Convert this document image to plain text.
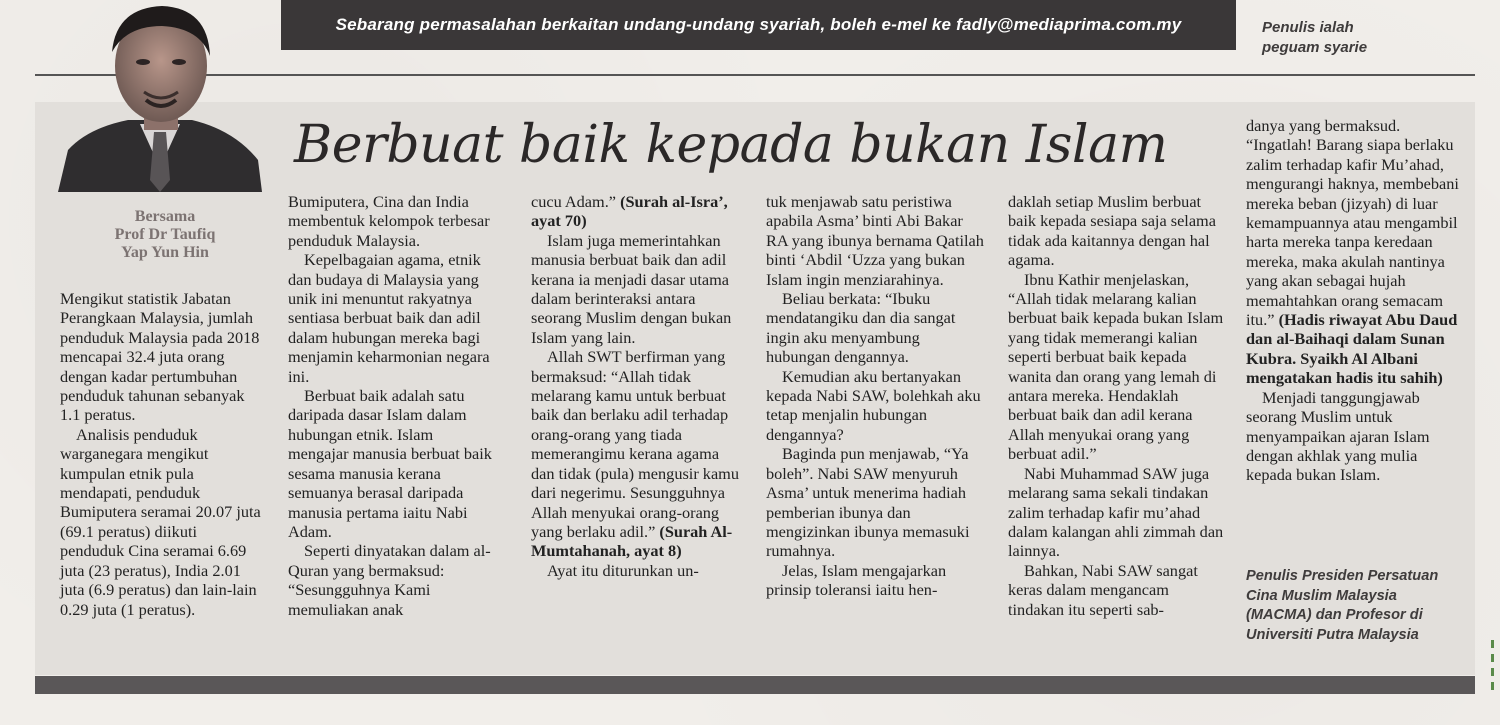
Sebarang permasalahan berkaitan undang-undang syariah, boleh e-mel ke fadly@mediaprima.com.my	Penulis ialah peguam syarie
Bersama
Prof Dr Taufiq
Yap Yun Hin
Berbuat baik kepada bukan Islam

Mengikut statistik Jabatan Perangkaan Malaysia, jumlah penduduk Malaysia pada 2018 mencapai 32.4 juta orang dengan kadar pertumbuhan penduduk tahunan sebanyak 1.1 peratus.

Analisis penduduk warganegara mengikut kumpulan etnik pula mendapati, penduduk Bumiputera seramai 20.07 juta (69.1 peratus) diikuti penduduk Cina seramai 6.69 juta (23 peratus), India 2.01 juta (6.9 peratus) dan lain-lain 0.29 juta (1 peratus).

Bumiputera, Cina dan India membentuk kelompok terbesar penduduk Malaysia.

Kepelbagaian agama, etnik dan budaya di Malaysia yang unik ini menuntut rakyatnya sentiasa berbuat baik dan adil dalam hubungan mereka bagi menjamin keharmonian negara ini.

Berbuat baik adalah satu daripada dasar Islam dalam hubungan etnik. Islam mengajar manusia berbuat baik sesama manusia kerana semuanya berasal daripada manusia pertama iaitu Nabi Adam.

Seperti dinyatakan dalam al-Quran yang bermaksud: “Sesungguhnya Kami memuliakan anak

cucu Adam.” (Surah al-Isra’, ayat 70)

Islam juga memerintahkan manusia berbuat baik dan adil kerana ia menjadi dasar utama dalam berinteraksi antara seorang Muslim dengan bukan Islam yang lain.

Allah SWT berfirman yang bermaksud: “Allah tidak melarang kamu untuk berbuat baik dan berlaku adil terhadap orang-orang yang tiada memerangimu kerana agama dan tidak (pula) mengusir kamu dari negerimu. Sesungguhnya Allah menyukai orang-orang yang berlaku adil.” (Surah Al-Mumtahanah, ayat 8)

Ayat itu diturunkan un-

tuk menjawab satu peristiwa apabila Asma’ binti Abi Bakar RA yang ibunya bernama Qatilah binti ‘Abdil ‘Uzza yang bukan Islam ingin menziarahinya.

Beliau berkata: “Ibuku mendatangiku dan dia sangat ingin aku menyambung hubungan dengannya.

Kemudian aku bertanyakan kepada Nabi SAW, bolehkah aku tetap menjalin hubungan dengannya?

Baginda pun menjawab, “Ya boleh”. Nabi SAW menyuruh Asma’ untuk menerima hadiah pemberian ibunya dan mengizinkan ibunya memasuki rumahnya.

Jelas, Islam mengajarkan prinsip toleransi iaitu hen-

daklah setiap Muslim berbuat baik kepada sesiapa saja selama tidak ada kaitannya dengan hal agama.

Ibnu Kathir menjelaskan, “Allah tidak melarang kalian berbuat baik kepada bukan Islam yang tidak memerangi kalian seperti berbuat baik kepada wanita dan orang yang lemah di antara mereka. Hendaklah berbuat baik dan adil kerana Allah menyukai orang yang berbuat adil.”

Nabi Muhammad SAW juga melarang sama sekali tindakan zalim terhadap kafir mu’ahad dalam kalangan ahli zimmah dan lainnya.

Bahkan, Nabi SAW sangat keras dalam mengancam tindakan itu seperti sab-

danya yang bermaksud. “Ingatlah! Barang siapa berlaku zalim terhadap kafir Mu’ahad, mengurangi haknya, membebani mereka beban (jizyah) di luar kemampuannya atau mengambil harta mereka tanpa keredaan mereka, maka akulah nantinya yang akan sebagai hujah memahtahkan orang semacam itu.” (Hadis riwayat Abu Daud dan al-Baihaqi dalam Sunan Kubra. Syaikh Al Albani mengatakan hadis itu sahih)

Menjadi tanggungjawab seorang Muslim untuk menyampaikan ajaran Islam dengan akhlak yang mulia kepada bukan Islam.

Penulis Presiden Persatuan Cina Muslim Malaysia (MACMA) dan Profesor di Universiti Putra Malaysia
